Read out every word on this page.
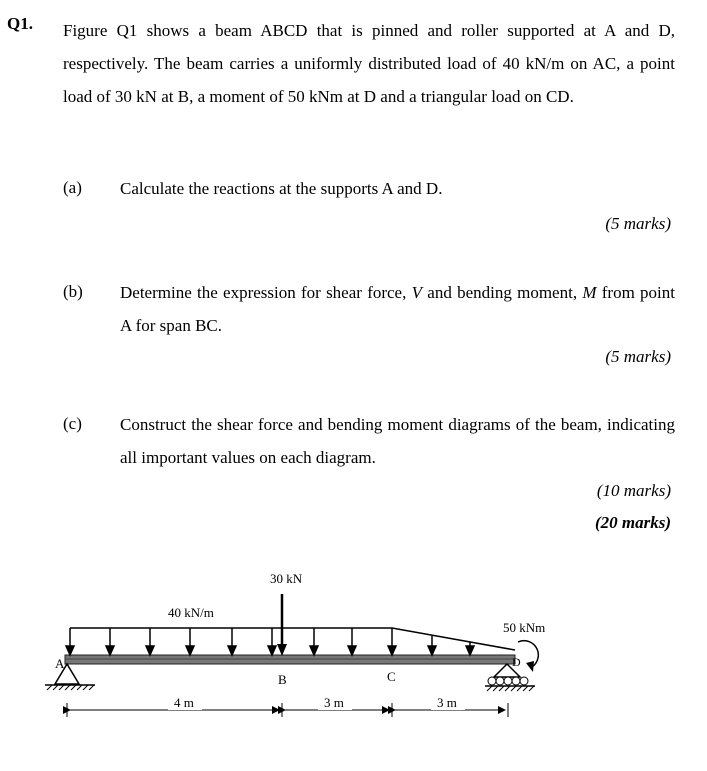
Q1. Figure Q1 shows a beam ABCD that is pinned and roller supported at A and D, respectively. The beam carries a uniformly distributed load of 40 kN/m on AC, a point load of 30 kN at B, a moment of 50 kNm at D and a triangular load on CD.
(a) Calculate the reactions at the supports A and D.
(5 marks)
(b) Determine the expression for shear force, V and bending moment, M from point A for span BC.
(5 marks)
(c) Construct the shear force and bending moment diagrams of the beam, indicating all important values on each diagram.
(10 marks)
(20 marks)
30 kN
40 kN/m
50 kNm
A
B	C
D
4 m	3 m	3 m
